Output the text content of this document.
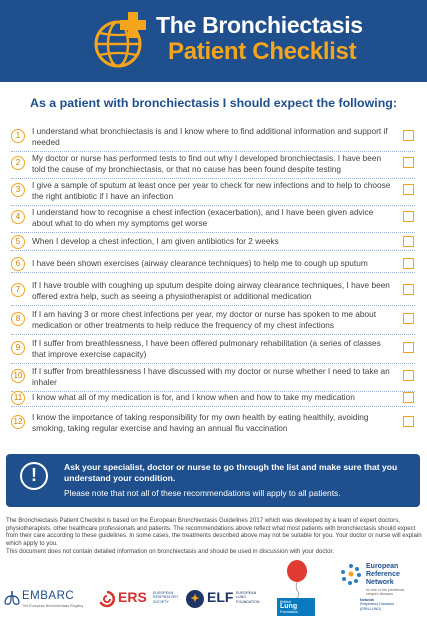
The Bronchiectasis
Patient Checklist
As a patient with bronchiectasis I should expect the following:
1	I understand what bronchiectasis is and I know where to find additional information and support if needed
2	My doctor or nurse has performed tests to find out why I developed bronchiectasis. I have been told the cause of my bronchiectasis, or that no cause has been found despite testing
3	I give a sample of sputum at least once per year to check for new infections and to help to choose the right antibiotic if I have an infection
4	I understand how to recognise a chest infection (exacerbation), and I have been given advice about what to do when my symptoms get worse
5	When I develop a chest infection, I am given antibiotics for 2 weeks
6	I have been shown exercises (airway clearance techniques) to help me to cough up sputum
7	If I have trouble with coughing up sputum despite doing airway clearance techniques, I have been offered extra help, such as seeing a physiotherapist or additional medication
8	If I am having 3 or more chest infections per year, my doctor or nurse has spoken to me about medication or other treatments to help reduce the frequency of my chest infections
9	If I suffer from breathlessness, I have been offered pulmonary rehabilitation (a series of classes that improve exercise capacity)
10	If I suffer from breathlessness I have discussed with my doctor or nurse whether I need to take an inhaler
11	I know what all of my medication is for, and I know when and how to take my medication
12	I know the importance of taking responsibility for my own health by eating healthily, avoiding smoking, taking regular exercise and having an annual flu vaccination
!	Ask your specialist, doctor or nurse to go through the list and make sure that you understand your condition.
Please note that not all of these recommendations will apply to all patients.

The Bronchiectasis Patient Checklist is based on the European Bronchiectasis Guidelines 2017 which was developed by a team of expert doctors, physiotherapists, other healthcare professionals and patients. The recommendations above reflect what most patients with bronchiectasis should expect from their care according to these guidelines. In some cases, the treatments described above may not be suitable for you. Your doctor or nurse will explain which apply to you.

This document does not contain detailed information on bronchiectasis and should be used in discussion with your doctor.

EMBARC
The European Bronchiectasis Registry
ERS EUROPEAN
RESPIRATORY
SOCIETY	✦ ELF EUROPEAN
LUNG
FOUNDATION	British
Lung
Foundation
European
Reference
Network
for rare or low prevalence
complex diseases
Network
Respiratory Diseases
(ERN-LUNG)
